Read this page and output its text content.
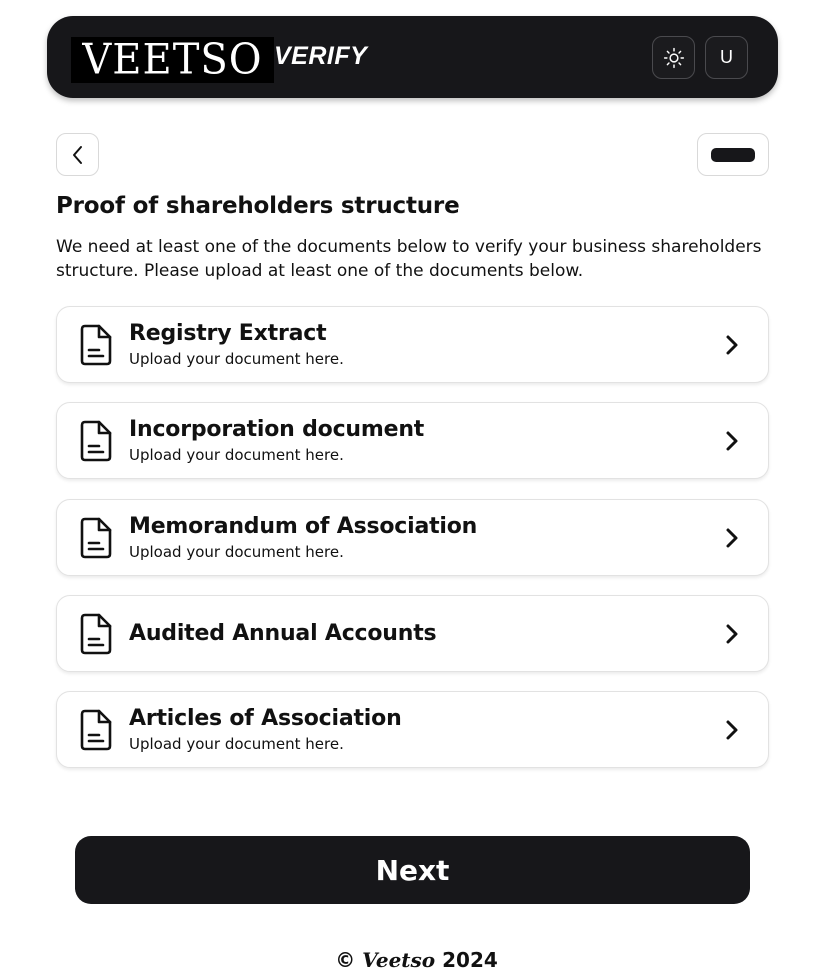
VEETSO VERIFY	U
Proof of shareholders structure
We need at least one of the documents below to verify your business shareholders structure. Please upload at least one of the documents below.
Registry Extract
Upload your document here.
Incorporation document
Upload your document here.
Memorandum of Association
Upload your document here.
Audited Annual Accounts
Articles of Association
Upload your document here.
Next
© Veetso 2024
